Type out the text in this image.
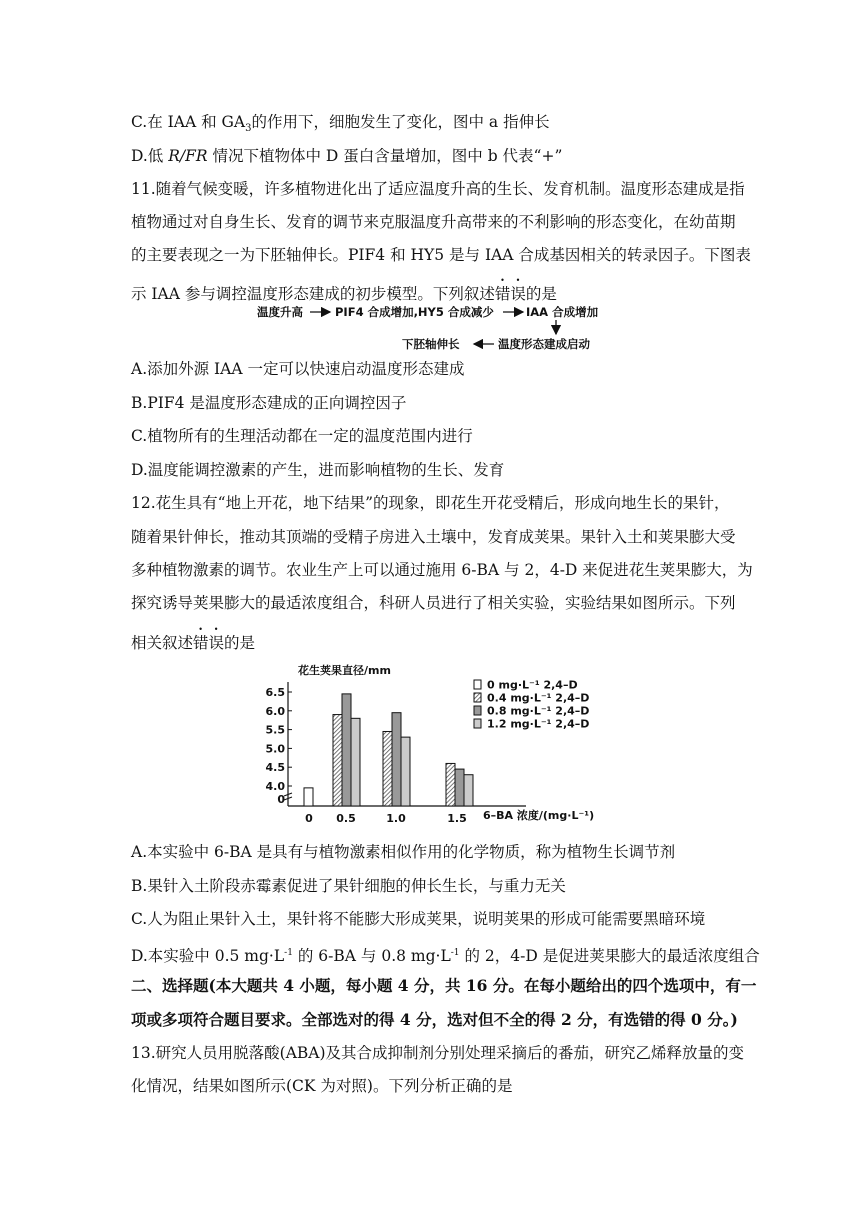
C.在 IAA 和 $GA_3$的作用下，细胞发生了变化，图中 a 指伸长
D.低 R/FR 情况下植物体中 D 蛋白含量增加，图中 b 代表“+”
11.随着气候变暖，许多植物进化出了适应温度升高的生长、发育机制。温度形态建成是指
植物通过对自身生长、发育的调节来克服温度升高带来的不利影响的形态变化，在幼苗期
的主要表现之一为下胚轴伸长。PIF4 和 HY5 是与 IAA 合成基因相关的转录因子。下图表
示 IAA 参与调控温度形态建成的初步模型。下列叙述错误的是
温度升高	PIF4 合成增加,HY5 合成减少	IAA 合成增加
温度形态建成启动
下胚轴伸长
A.添加外源 IAA 一定可以快速启动温度形态建成
B.PIF4 是温度形态建成的正向调控因子
C.植物所有的生理活动都在一定的温度范围内进行
D.温度能调控激素的产生，进而影响植物的生长、发育
12.花生具有“地上开花，地下结果”的现象，即花生开花受精后，形成向地生长的果针，
随着果针伸长，推动其顶端的受精子房进入土壤中，发育成荚果。果针入土和荚果膨大受
多种植物激素的调节。农业生产上可以通过施用 6-BA 与 2，4-D 来促进花生荚果膨大，为
探究诱导荚果膨大的最适浓度组合，科研人员进行了相关实验，实验结果如图所示。下列
相关叙述错误的是
花生荚果直径/mm
6–BA 浓度/(mg·L⁻¹)
4.0
4.5
5.0
5.5
6.0
6.5
0
0 0.5	1.0	1.5
0 mg·L⁻¹ 2,4–D
0.4 mg·L⁻¹ 2,4–D
0.8 mg·L⁻¹ 2,4–D
1.2 mg·L⁻¹ 2,4–D
A.本实验中 6-BA 是具有与植物激素相似作用的化学物质，称为植物生长调节剂
B.果针入土阶段赤霉素促进了果针细胞的伸长生长，与重力无关
C.人为阻止果针入土，果针将不能膨大形成荚果，说明荚果的形成可能需要黑暗环境
D.本实验中 0.5 $mg\cdot L^{-1}$ 的 6-BA 与 0.8 $mg\cdot L^{-1}$ 的 2，4-D 是促进荚果膨大的最适浓度组合
二、选择题(本大题共 4 小题，每小题 4 分，共 16 分。在每小题给出的四个选项中，有一
项或多项符合题目要求。全部选对的得 4 分，选对但不全的得 2 分，有选错的得 0 分。)
13.研究人员用脱落酸(ABA)及其合成抑制剂分别处理采摘后的番茄，研究乙烯释放量的变
化情况，结果如图所示(CK 为对照)。下列分析正确的是
